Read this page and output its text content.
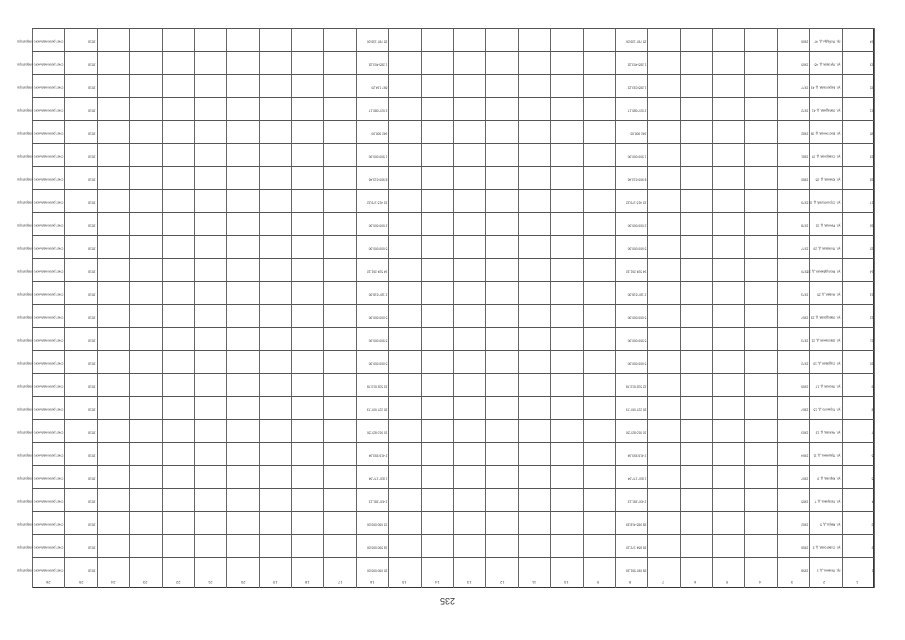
1
2
3
4
5
6
7
8
9
10
11
12
13
14
15
16
17
18
19
20
21
22
23
24
25
26
1
пр. Ленина, д. 1
1958
28 087 561,26
20 000 000,00
2018
Счет регионального оператора
2
ул. Советская, д. 3
1966
26 854 172,10
18 500 000,00
2018
Счет регионального оператора
3
ул. Мира, д. 5
1962
28 965 418,39
15 000 000,00
2018
Счет регионального оператора
4
ул. Гагарина, д. 7
1965
2 437 281,13
2 437 281,13
2018
Счет регионального оператора
5
ул. Кирова, д. 9
1967
1 837 177,04
1 837 177,04
2018
Счет регионального оператора
6
ул. Пушкина, д. 11
1964
2 416 993,34
2 416 993,34
2018
Счет регионального оператора
7
ул. Чехова, д. 13
1963
10 910 827,50
10 910 827,50
2018
Счет регионального оператора
8
ул. Горького, д. 15
1967
20 227 007,73
20 227 007,73
2018
Счет регионального оператора
9
ул. Лесная, д. 17
1969
22 532 613,78
22 532 613,78
2018
Счет регионального оператора
10
ул. Садовая, д. 19
1972
5 000 000,00
5 000 000,00
2018
Счет регионального оператора
11
ул. Школьная, д. 21
1973
5 500 000,00
5 500 000,00
2018
Счет регионального оператора
12
ул. Заводская, д. 23
1967
5 000 000,00
5 000 000,00
2018
Счет регионального оператора
13
ул. Новая, д. 25
1973
2 187 618,00
2 187 618,00
2018
Счет регионального оператора
14
ул. Молодёжная, д. 27
1970
34 524 261,32
34 524 261,32
2018
Счет регионального оператора
15
ул. Полевая, д. 29
1977
5 000 000,00
5 000 000,00
2018
Счет регионального оператора
16
ул. Речная, д. 31
1978
2 000 000,00
2 000 000,00
2018
Счет регионального оператора
17
ул. Строителей, д. 33
1979
22 415 179,22
22 415 179,22
2018
Счет регионального оператора
18
ул. Южная, д. 35
1980
8 900 613,46
8 900 613,46
2018
Счет регионального оператора
19
ул. Северная, д. 37
1981
1 500 000,00
1 500 000,00
2018
Счет регионального оператора
20
ул. Восточная, д. 39
1982
342 000,00
342 000,00
2018
Счет регионального оператора
21
ул. Западная, д. 41
1972
2 027 080,17
2 027 080,17
2018
Счет регионального оператора
22
ул. Береговая, д. 43
1977
1 285 033,22
697 134,20
2018
Счет регионального оператора
23
ул. Луговая, д. 45
1965
1 285 403,32
1 285 403,32
2018
Счет регионального оператора
24
пр. Победы, д. 47
1966
25 787 139,00
25 787 139,00
2018
Счет регионального оператора
235
